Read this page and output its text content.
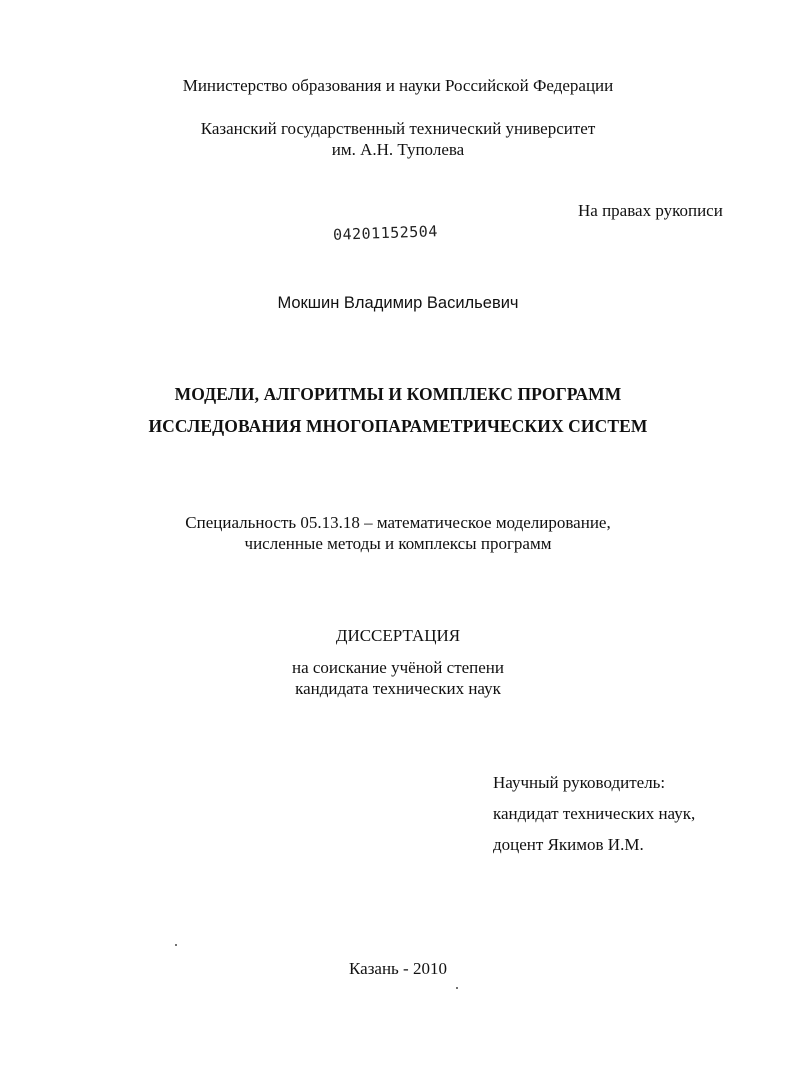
Министерство образования и науки Российской Федерации
Казанский государственный технический университет
им. А.Н. Туполева
На правах рукописи
04201152504
Мокшин Владимир Васильевич
МОДЕЛИ, АЛГОРИТМЫ И КОМПЛЕКС ПРОГРАММ
ИССЛЕДОВАНИЯ МНОГОПАРАМЕТРИЧЕСКИХ СИСТЕМ
Специальность 05.13.18 – математическое моделирование,
численные методы и комплексы программ
ДИССЕРТАЦИЯ
на соискание учёной степени
кандидата технических наук
Научный руководитель:
кандидат технических наук,
доцент Якимов И.М.
Казань - 2010
